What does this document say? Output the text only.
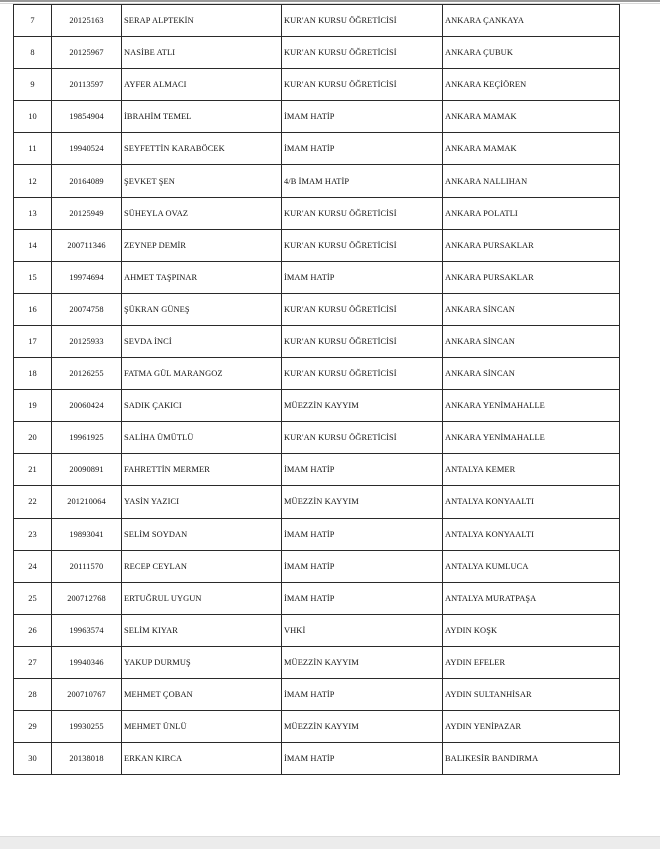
7	20125163	SERAP ALPTEKİN	KUR'AN KURSU ÖĞRETİCİSİ	ANKARA ÇANKAYA
8	20125967	NASİBE ATLI	KUR'AN KURSU ÖĞRETİCİSİ	ANKARA ÇUBUK
9	20113597	AYFER ALMACI	KUR'AN KURSU ÖĞRETİCİSİ	ANKARA KEÇİÖREN
10	19854904	İBRAHİM TEMEL	İMAM HATİP	ANKARA MAMAK
11	19940524	SEYFETTİN KARABÖCEK	İMAM HATİP	ANKARA MAMAK
12	20164089	ŞEVKET ŞEN	4/B İMAM HATİP	ANKARA NALLIHAN
13	20125949	SÜHEYLA OVAZ	KUR'AN KURSU ÖĞRETİCİSİ	ANKARA POLATLI
14	200711346	ZEYNEP DEMİR	KUR'AN KURSU ÖĞRETİCİSİ	ANKARA PURSAKLAR
15	19974694	AHMET TAŞPINAR	İMAM HATİP	ANKARA PURSAKLAR
16	20074758	ŞÜKRAN GÜNEŞ	KUR'AN KURSU ÖĞRETİCİSİ	ANKARA SİNCAN
17	20125933	SEVDA İNCİ	KUR'AN KURSU ÖĞRETİCİSİ	ANKARA SİNCAN
18	20126255	FATMA GÜL MARANGOZ	KUR'AN KURSU ÖĞRETİCİSİ	ANKARA SİNCAN
19	20060424	SADIK ÇAKICI	MÜEZZİN KAYYIM	ANKARA YENİMAHALLE
20	19961925	SALİHA ÜMÜTLÜ	KUR'AN KURSU ÖĞRETİCİSİ	ANKARA YENİMAHALLE
21	20090891	FAHRETTİN MERMER	İMAM HATİP	ANTALYA KEMER
22	201210064	YASİN YAZICI	MÜEZZİN KAYYIM	ANTALYA KONYAALTI
23	19893041	SELİM SOYDAN	İMAM HATİP	ANTALYA KONYAALTI
24	20111570	RECEP CEYLAN	İMAM HATİP	ANTALYA KUMLUCA
25	200712768	ERTUĞRUL UYGUN	İMAM HATİP	ANTALYA MURATPAŞA
26	19963574	SELİM KIYAR	VHKİ	AYDIN KOŞK
27	19940346	YAKUP DURMUŞ	MÜEZZİN KAYYIM	AYDIN EFELER
28	200710767	MEHMET ÇOBAN	İMAM HATİP	AYDIN SULTANHİSAR
29	19930255	MEHMET ÜNLÜ	MÜEZZİN KAYYIM	AYDIN YENİPAZAR
30	20138018	ERKAN KIRCA	İMAM HATİP	BALIKESİR BANDIRMA
